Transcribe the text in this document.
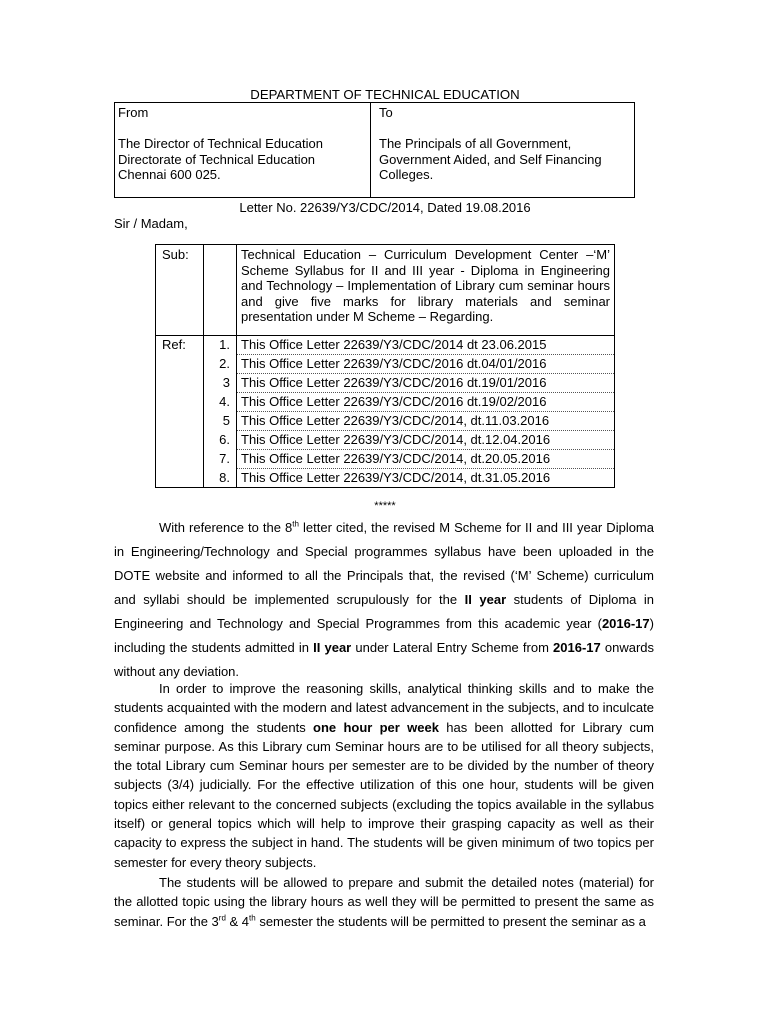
DEPARTMENT OF TECHNICAL EDUCATION
From
The Director of Technical Education
Directorate of Technical Education
Chennai 600 025.
To
The Principals of all Government,
Government Aided, and Self Financing
Colleges.
Letter No. 22639/Y3/CDC/2014, Dated 19.08.2016
Sir / Madam,
Sub:		Technical Education – Curriculum Development Center –‘M’ Scheme Syllabus for II and III year - Diploma in Engineering and Technology – Implementation of Library cum seminar hours and give five marks for library materials and seminar presentation under M Scheme – Regarding.

Ref:	1.	This Office Letter 22639/Y3/CDC/2014 dt 23.06.2015
	2.	This Office Letter 22639/Y3/CDC/2016 dt.04/01/2016
	3	This Office Letter 22639/Y3/CDC/2016 dt.19/01/2016
	4.	This Office Letter 22639/Y3/CDC/2016 dt.19/02/2016
	5	This Office Letter 22639/Y3/CDC/2014, dt.11.03.2016
	6.	This Office Letter 22639/Y3/CDC/2014, dt.12.04.2016
	7.	This Office Letter 22639/Y3/CDC/2014, dt.20.05.2016
	8.	This Office Letter 22639/Y3/CDC/2014, dt.31.05.2016
*****

With reference to the 8th letter cited, the revised M Scheme for II and III year Diploma in Engineering/Technology and Special programmes syllabus have been uploaded in the DOTE website and informed to all the Principals that, the revised (‘M’ Scheme) curriculum and syllabi should be implemented scrupulously for the II year students of Diploma in Engineering and Technology and Special Programmes from this academic year (2016-17) including the students admitted in II year under Lateral Entry Scheme from 2016-17 onwards without any deviation.

In order to improve the reasoning skills, analytical thinking skills and to make the students acquainted with the modern and latest advancement in the subjects, and to inculcate confidence among the students one hour per week has been allotted for Library cum seminar purpose. As this Library cum Seminar hours are to be utilised for all theory subjects, the total Library cum Seminar hours per semester are to be divided by the number of theory subjects (3/4) judicially. For the effective utilization of this one hour, students will be given topics either relevant to the concerned subjects (excluding the topics available in the syllabus itself) or general topics which will help to improve their grasping capacity as well as their capacity to express the subject in hand. The students will be given minimum of two topics per semester for every theory subjects.

The students will be allowed to prepare and submit the detailed notes (material) for the allotted topic using the library hours as well they will be permitted to present the same as seminar. For the 3rd & 4th semester the students will be permitted to present the seminar as a
